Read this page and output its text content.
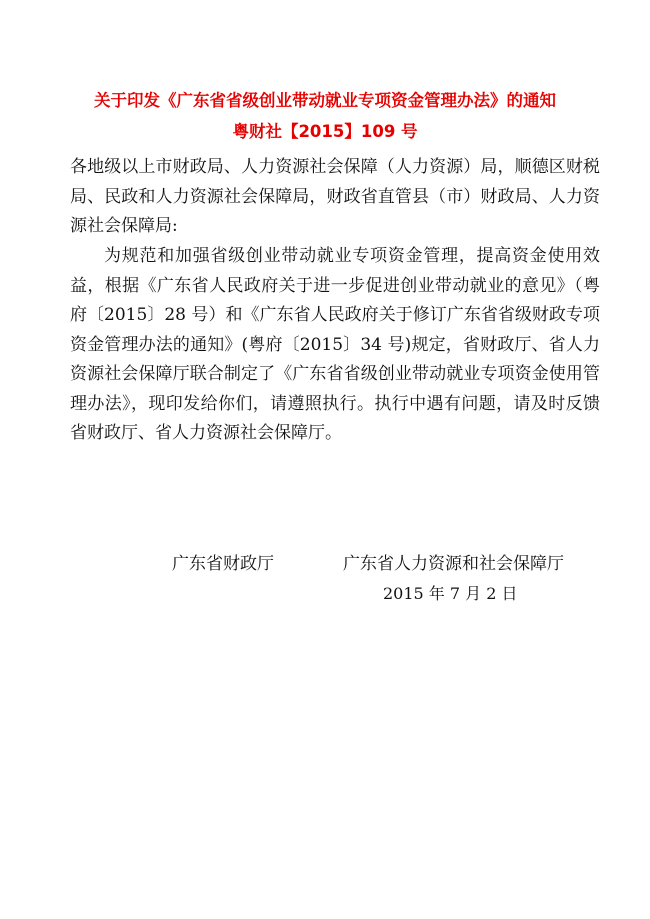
关于印发《广东省省级创业带动就业专项资金管理办法》的通知
粤财社【2015】109 号
各地级以上市财政局、人力资源社会保障（人力资源）局，顺德区财税局、民政和人力资源社会保障局，财政省直管县（市）财政局、人力资源社会保障局:
为规范和加强省级创业带动就业专项资金管理，提高资金使用效益，根据《广东省人民政府关于进一步促进创业带动就业的意见》（粤府〔2015〕28 号）和《广东省人民政府关于修订广东省省级财政专项资金管理办法的通知》(粤府〔2015〕34 号)规定，省财政厅、省人力资源社会保障厅联合制定了《广东省省级创业带动就业专项资金使用管理办法》，现印发给你们，请遵照执行。执行中遇有问题，请及时反馈省财政厅、省人力资源社会保障厅。
广东省财政厅	广东省人力资源和社会保障厅
2015 年 7 月 2 日
